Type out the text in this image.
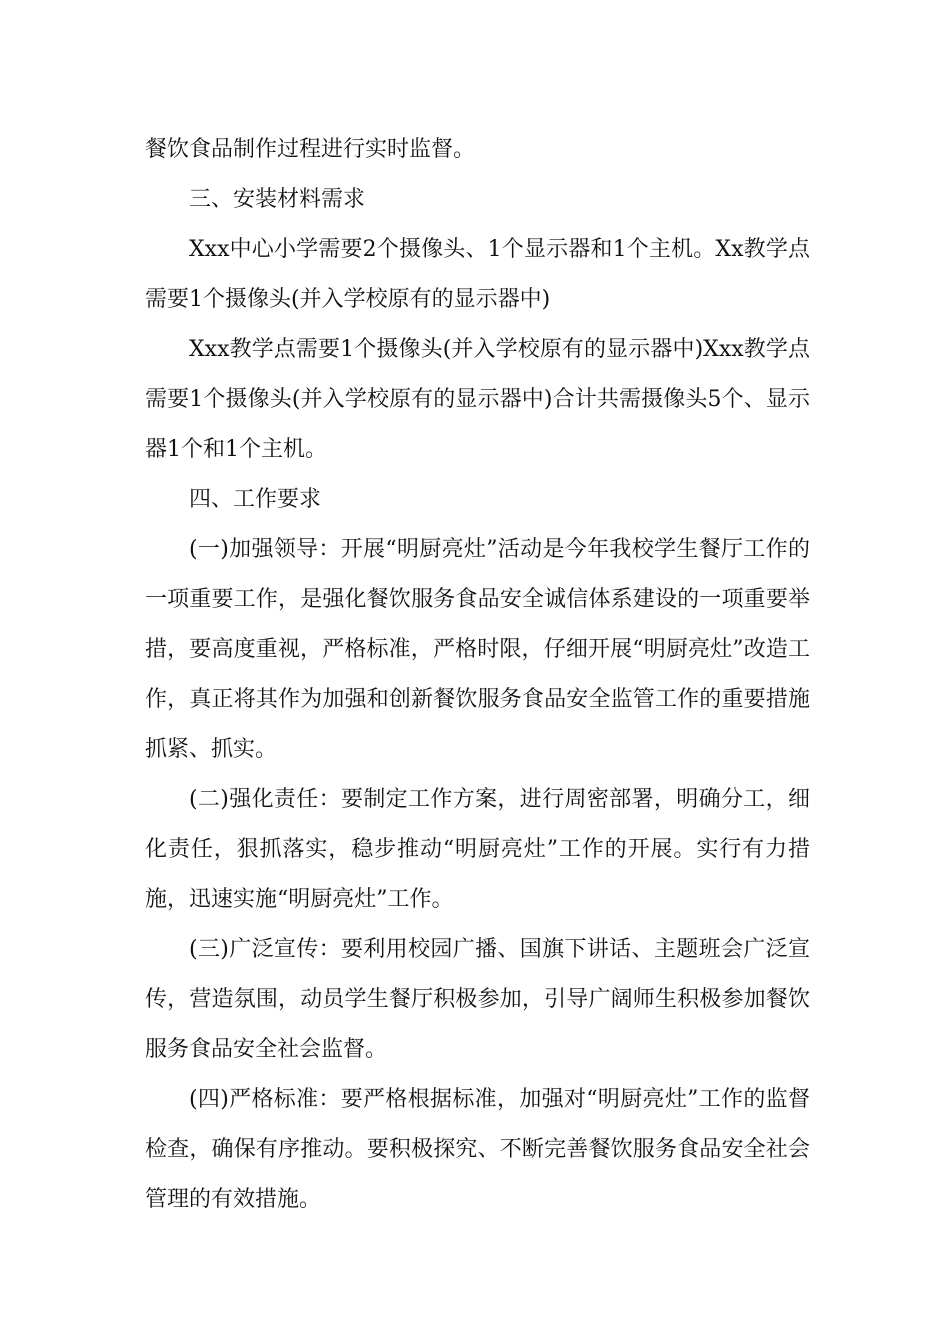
餐饮食品制作过程进行实时监督。

三、安装材料需求

Xxx中心小学需要2个摄像头、1个显示器和1个主机。Xx教学点需要1个摄像头(并入学校原有的显示器中)

Xxx教学点需要1个摄像头(并入学校原有的显示器中)Xxx教学点需要1个摄像头(并入学校原有的显示器中)合计共需摄像头5个、显示器1个和1个主机。

四、工作要求

(一)加强领导：开展“明厨亮灶”活动是今年我校学生餐厅工作的一项重要工作，是强化餐饮服务食品安全诚信体系建设的一项重要举措，要高度重视，严格标准，严格时限，仔细开展“明厨亮灶”改造工作，真正将其作为加强和创新餐饮服务食品安全监管工作的重要措施抓紧、抓实。

(二)强化责任：要制定工作方案，进行周密部署，明确分工，细化责任，狠抓落实，稳步推动“明厨亮灶”工作的开展。实行有力措施，迅速实施“明厨亮灶”工作。

(三)广泛宣传：要利用校园广播、国旗下讲话、主题班会广泛宣传，营造氛围，动员学生餐厅积极参加，引导广阔师生积极参加餐饮服务食品安全社会监督。

(四)严格标准：要严格根据标准，加强对“明厨亮灶”工作的监督检查，确保有序推动。要积极探究、不断完善餐饮服务食品安全社会管理的有效措施。
